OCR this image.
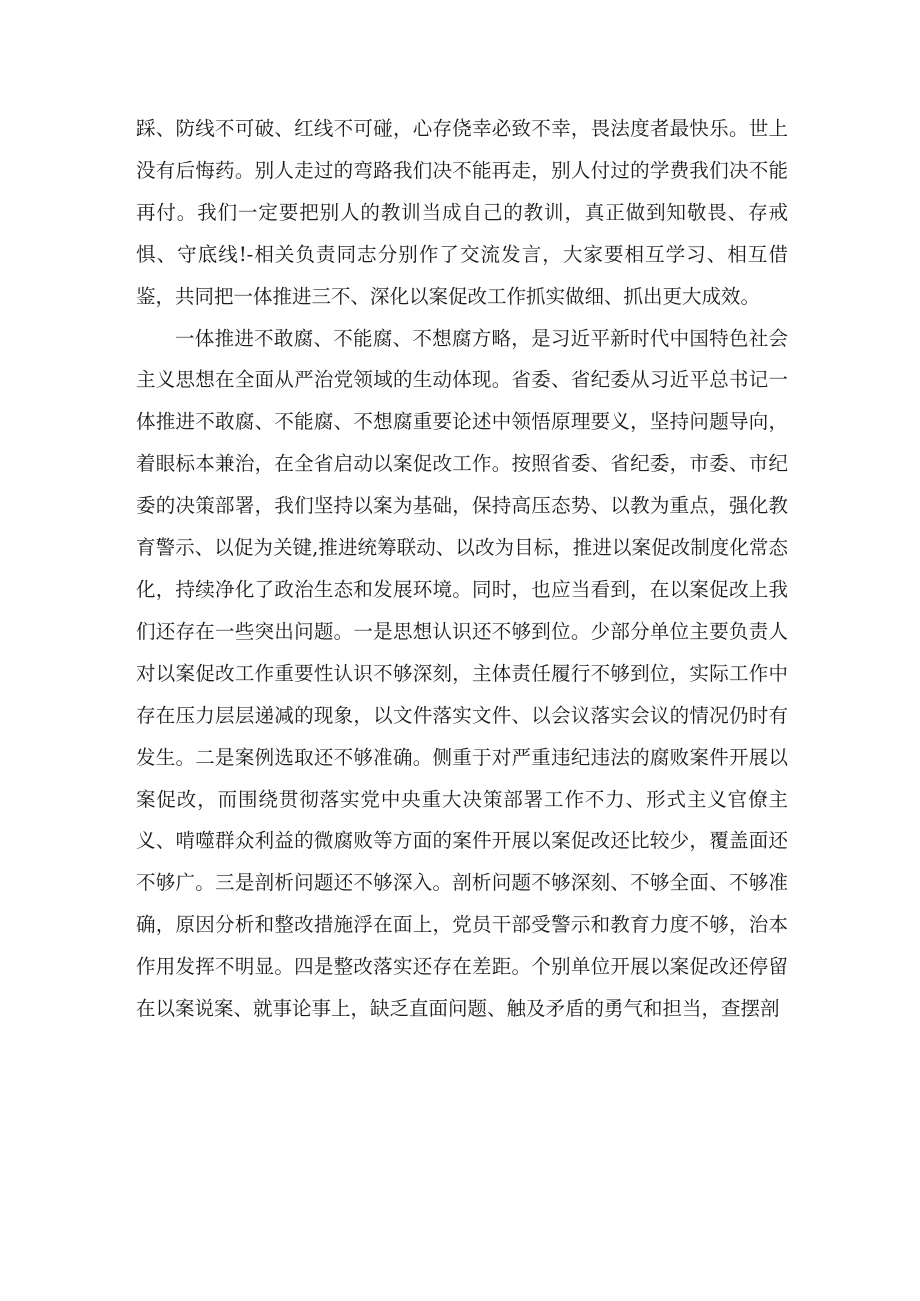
踩、防线不可破、红线不可碰，心存侥幸必致不幸，畏法度者最快乐。世上没有后悔药。别人走过的弯路我们决不能再走，别人付过的学费我们决不能再付。我们一定要把别人的教训当成自己的教训，真正做到知敬畏、存戒惧、守底线!-相关负责同志分别作了交流发言，大家要相互学习、相互借鉴，共同把一体推进三不、深化以案促改工作抓实做细、抓出更大成效。

一体推进不敢腐、不能腐、不想腐方略，是习近平新时代中国特色社会主义思想在全面从严治党领域的生动体现。省委、省纪委从习近平总书记一体推进不敢腐、不能腐、不想腐重要论述中领悟原理要义，坚持问题导向，着眼标本兼治，在全省启动以案促改工作。按照省委、省纪委，市委、市纪委的决策部署，我们坚持以案为基础，保持高压态势、以教为重点，强化教育警示、以促为关键,推进统筹联动、以改为目标，推进以案促改制度化常态化，持续净化了政治生态和发展环境。同时，也应当看到，在以案促改上我们还存在一些突出问题。一是思想认识还不够到位。少部分单位主要负责人对以案促改工作重要性认识不够深刻，主体责任履行不够到位，实际工作中存在压力层层递减的现象，以文件落实文件、以会议落实会议的情况仍时有发生。二是案例选取还不够准确。侧重于对严重违纪违法的腐败案件开展以案促改，而围绕贯彻落实党中央重大决策部署工作不力、形式主义官僚主义、啃噬群众利益的微腐败等方面的案件开展以案促改还比较少，覆盖面还不够广。三是剖析问题还不够深入。剖析问题不够深刻、不够全面、不够准确，原因分析和整改措施浮在面上，党员干部受警示和教育力度不够，治本作用发挥不明显。四是整改落实还存在差距。个别单位开展以案促改还停留在以案说案、就事论事上，缺乏直面问题、触及矛盾的勇气和担当，查摆剖
